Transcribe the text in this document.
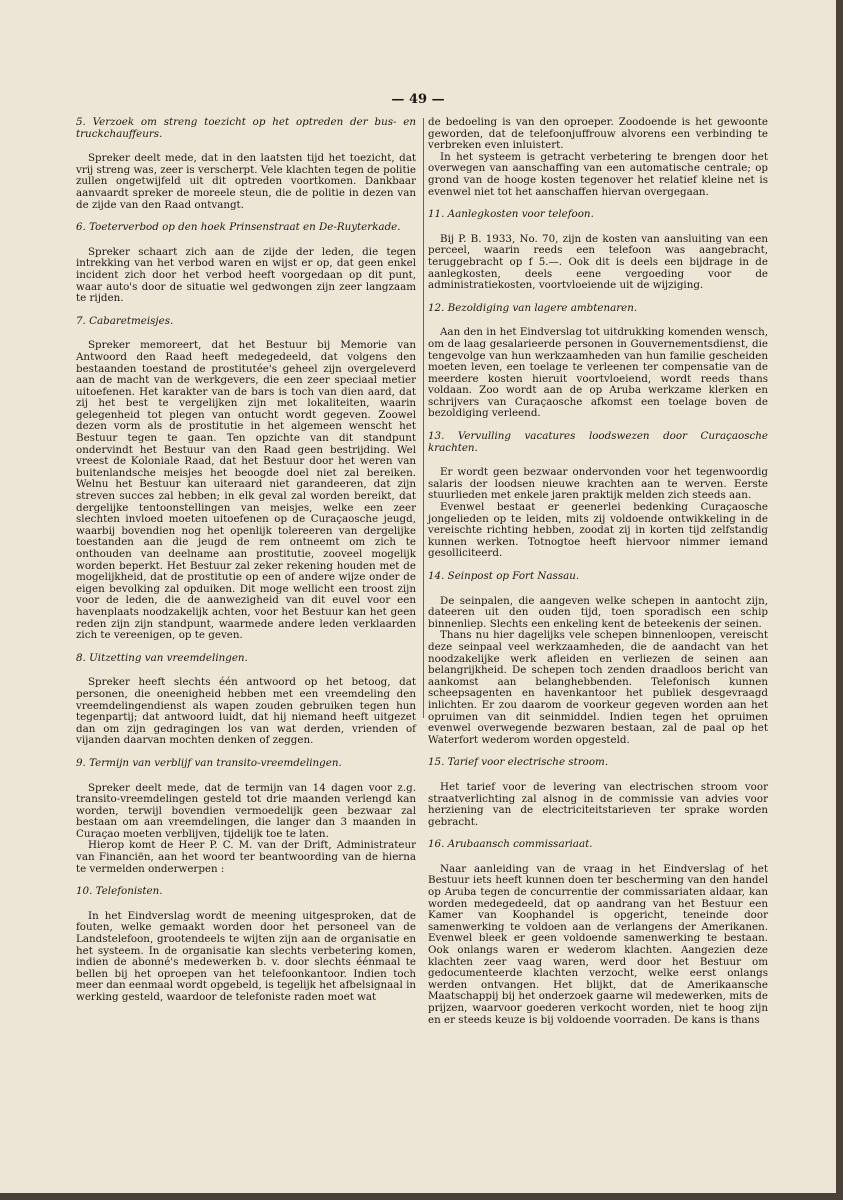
— 49 —
5. Verzoek om streng toezicht op het optreden der bus- en truckchauffeurs.

Spreker deelt mede, dat in den laatsten tijd het toezicht, dat vrij streng was, zeer is verscherpt. Vele klachten tegen de politie zullen ongetwijfeld uit dit optreden voortkomen. Dankbaar aanvaardt spreker de moreele steun, die de politie in dezen van de zijde van den Raad ontvangt.

6. Toeterverbod op den hoek Prinsenstraat en De-Ruyterkade.

Spreker schaart zich aan de zijde der leden, die tegen intrekking van het verbod waren en wijst er op, dat geen enkel incident zich door het verbod heeft voorgedaan op dit punt, waar auto's door de situatie wel gedwongen zijn zeer langzaam te rijden.

7. Cabaretmeisjes.

Spreker memoreert, dat het Bestuur bij Memorie van Antwoord den Raad heeft medegedeeld, dat volgens den bestaanden toestand de prostitutée's geheel zijn overgeleverd aan de macht van de werkgevers, die een zeer speciaal metier uitoefenen. Het karakter van de bars is toch van dien aard, dat zij het best te vergelijken zijn met lokaliteiten, waarin gelegenheid tot plegen van ontucht wordt gegeven. Zoowel dezen vorm als de prostitutie in het algemeen wenscht het Bestuur tegen te gaan. Ten opzichte van dit standpunt ondervindt het Bestuur van den Raad geen bestrijding. Wel vreest de Koloniale Raad, dat het Bestuur door het weren van buitenlandsche meisjes het beoogde doel niet zal bereiken. Welnu het Bestuur kan uiteraard niet garandeeren, dat zijn streven succes zal hebben; in elk geval zal worden bereikt, dat dergelijke tentoonstellingen van meisjes, welke een zeer slechten invloed moeten uitoefenen op de Curaçaosche jeugd, waarbij bovendien nog het openlijk tolereeren van dergelijke toestanden aan die jeugd de rem ontneemt om zich te onthouden van deelname aan prostitutie, zooveel mogelijk worden beperkt. Het Bestuur zal zeker rekening houden met de mogelijkheid, dat de prostitutie op een of andere wijze onder de eigen bevolking zal opduiken. Dit moge wellicht een troost zijn voor de leden, die de aanwezigheid van dit euvel voor een havenplaats noodzakelijk achten, voor het Bestuur kan het geen reden zijn zijn standpunt, waarmede andere leden verklaarden zich te vereenigen, op te geven.

8. Uitzetting van vreemdelingen.

Spreker heeft slechts één antwoord op het betoog, dat personen, die oneenigheid hebben met een vreemdeling den vreemdelingendienst als wapen zouden gebruiken tegen hun tegenpartij; dat antwoord luidt, dat hij niemand heeft uitgezet dan om zijn gedragingen los van wat derden, vrienden of vijanden daarvan mochten denken of zeggen.

9. Termijn van verblijf van transito-vreemdelingen.

Spreker deelt mede, dat de termijn van 14 dagen voor z.g. transito-vreemdelingen gesteld tot drie maanden verlengd kan worden, terwijl bovendien vermoedelijk geen bezwaar zal bestaan om aan vreemdelingen, die langer dan 3 maanden in Curaçao moeten verblijven, tijdelijk toe te laten.

Hierop komt de Heer P. C. M. van der Drift, Administrateur van Financiën, aan het woord ter beantwoording van de hierna te vermelden onderwerpen :

10. Telefonisten.

In het Eindverslag wordt de meening uitgesproken, dat de fouten, welke gemaakt worden door het personeel van de Landstelefoon, grootendeels te wijten zijn aan de organisatie en het systeem. In de organisatie kan slechts verbetering komen, indien de abonné's medewerken b. v. door slechts éénmaal te bellen bij het oproepen van het telefoonkantoor. Indien toch meer dan eenmaal wordt opgebeld, is tegelijk het afbelsignaal in werking gesteld, waardoor de telefoniste raden moet wat

de bedoeling is van den oproeper. Zoodoende is het gewoonte geworden, dat de telefoonjuffrouw alvorens een verbinding te verbreken even inluistert.

In het systeem is getracht verbetering te brengen door het overwegen van aanschaffing van een automatische centrale; op grond van de hooge kosten tegenover het relatief kleine net is evenwel niet tot het aanschaffen hiervan overgegaan.

11. Aanlegkosten voor telefoon.

Bij P. B. 1933, No. 70, zijn de kosten van aansluiting van een perceel, waarin reeds een telefoon was aangebracht, teruggebracht op f 5.—. Ook dit is deels een bijdrage in de aanlegkosten, deels eene vergoeding voor de administratiekosten, voortvloeiende uit de wijziging.

12. Bezoldiging van lagere ambtenaren.

Aan den in het Eindverslag tot uitdrukking komenden wensch, om de laag gesalarieerde personen in Gouvernementsdienst, die tengevolge van hun werkzaamheden van hun familie gescheiden moeten leven, een toelage te verleenen ter compensatie van de meerdere kosten hieruit voortvloeiend, wordt reeds thans voldaan. Zoo wordt aan de op Aruba werkzame klerken en schrijvers van Curaçaosche afkomst een toelage boven de bezoldiging verleend.

13. Vervulling vacatures loodswezen door Curaçaosche krachten.

Er wordt geen bezwaar ondervonden voor het tegenwoordig salaris der loodsen nieuwe krachten aan te werven. Eerste stuurlieden met enkele jaren praktijk melden zich steeds aan.

Evenwel bestaat er geenerlei bedenking Curaçaosche jongelieden op te leiden, mits zij voldoende ontwikkeling in de vereischte richting hebben, zoodat zij in korten tijd zelfstandig kunnen werken. Totnogtoe heeft hiervoor nimmer iemand gesolliciteerd.

14. Seinpost op Fort Nassau.

De seinpalen, die aangeven welke schepen in aantocht zijn, dateeren uit den ouden tijd, toen sporadisch een schip binnenliep. Slechts een enkeling kent de beteekenis der seinen.

Thans nu hier dagelijks vele schepen binnenloopen, vereischt deze seinpaal veel werkzaamheden, die de aandacht van het noodzakelijke werk afleiden en verliezen de seinen aan belangrijkheid. De schepen toch zenden draadloos bericht van aankomst aan belanghebbenden. Telefonisch kunnen scheepsagenten en havenkantoor het publiek desgevraagd inlichten. Er zou daarom de voorkeur gegeven worden aan het opruimen van dit seinmiddel. Indien tegen het opruimen evenwel overwegende bezwaren bestaan, zal de paal op het Waterfort wederom worden opgesteld.

15. Tarief voor electrische stroom.

Het tarief voor de levering van electrischen stroom voor straatverlichting zal alsnog in de commissie van advies voor herziening van de electriciteitstarieven ter sprake worden gebracht.

16. Arubaansch commissariaat.

Naar aanleiding van de vraag in het Eindverslag of het Bestuur iets heeft kunnen doen ter bescherming van den handel op Aruba tegen de concurrentie der commissariaten aldaar, kan worden medegedeeld, dat op aandrang van het Bestuur een Kamer van Koophandel is opgericht, teneinde door samenwerking te voldoen aan de verlangens der Amerikanen. Evenwel bleek er geen voldoende samenwerking te bestaan. Ook onlangs waren er wederom klachten. Aangezien deze klachten zeer vaag waren, werd door het Bestuur om gedocumenteerde klachten verzocht, welke eerst onlangs werden ontvangen. Het blijkt, dat de Amerikaansche Maatschappij bij het onderzoek gaarne wil medewerken, mits de prijzen, waarvoor goederen verkocht worden, niet te hoog zijn en er steeds keuze is bij voldoende voorraden. De kans is thans
